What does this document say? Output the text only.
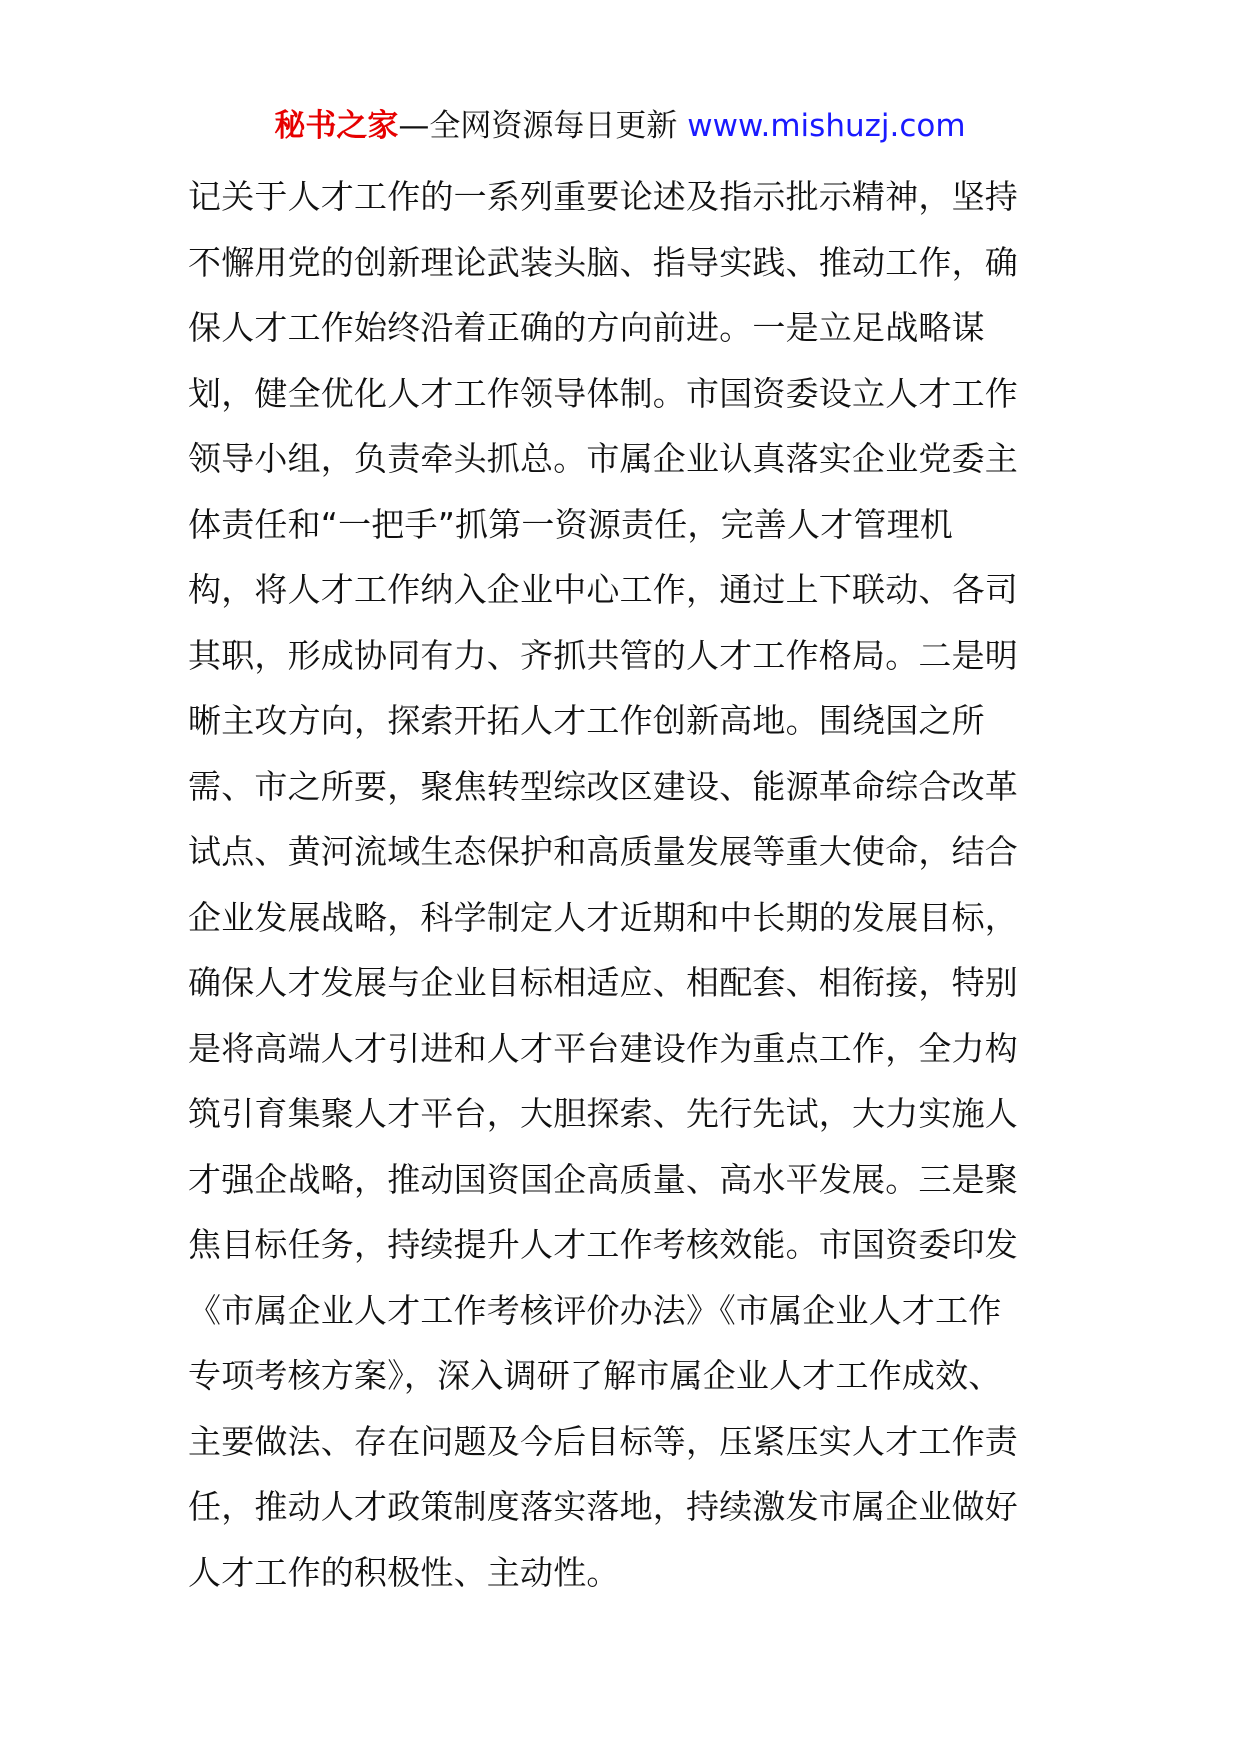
秘书之家—全网资源每日更新 www.mishuzj.com
记关于人才工作的一系列重要论述及指示批示精神，坚持
不懈用党的创新理论武装头脑、指导实践、推动工作，确
保人才工作始终沿着正确的方向前进。一是立足战略谋
划，健全优化人才工作领导体制。市国资委设立人才工作
领导小组，负责牵头抓总。市属企业认真落实企业党委主
体责任和“一把手”抓第一资源责任，完善人才管理机
构，将人才工作纳入企业中心工作，通过上下联动、各司
其职，形成协同有力、齐抓共管的人才工作格局。二是明
晰主攻方向，探索开拓人才工作创新高地。围绕国之所
需、市之所要，聚焦转型综改区建设、能源革命综合改革
试点、黄河流域生态保护和高质量发展等重大使命，结合
企业发展战略，科学制定人才近期和中长期的发展目标，
确保人才发展与企业目标相适应、相配套、相衔接，特别
是将高端人才引进和人才平台建设作为重点工作，全力构
筑引育集聚人才平台，大胆探索、先行先试，大力实施人
才强企战略，推动国资国企高质量、高水平发展。三是聚
焦目标任务，持续提升人才工作考核效能。市国资委印发
《市属企业人才工作考核评价办法》《市属企业人才工作
专项考核方案》，深入调研了解市属企业人才工作成效、
主要做法、存在问题及今后目标等，压紧压实人才工作责
任，推动人才政策制度落实落地，持续激发市属企业做好
人才工作的积极性、主动性。
